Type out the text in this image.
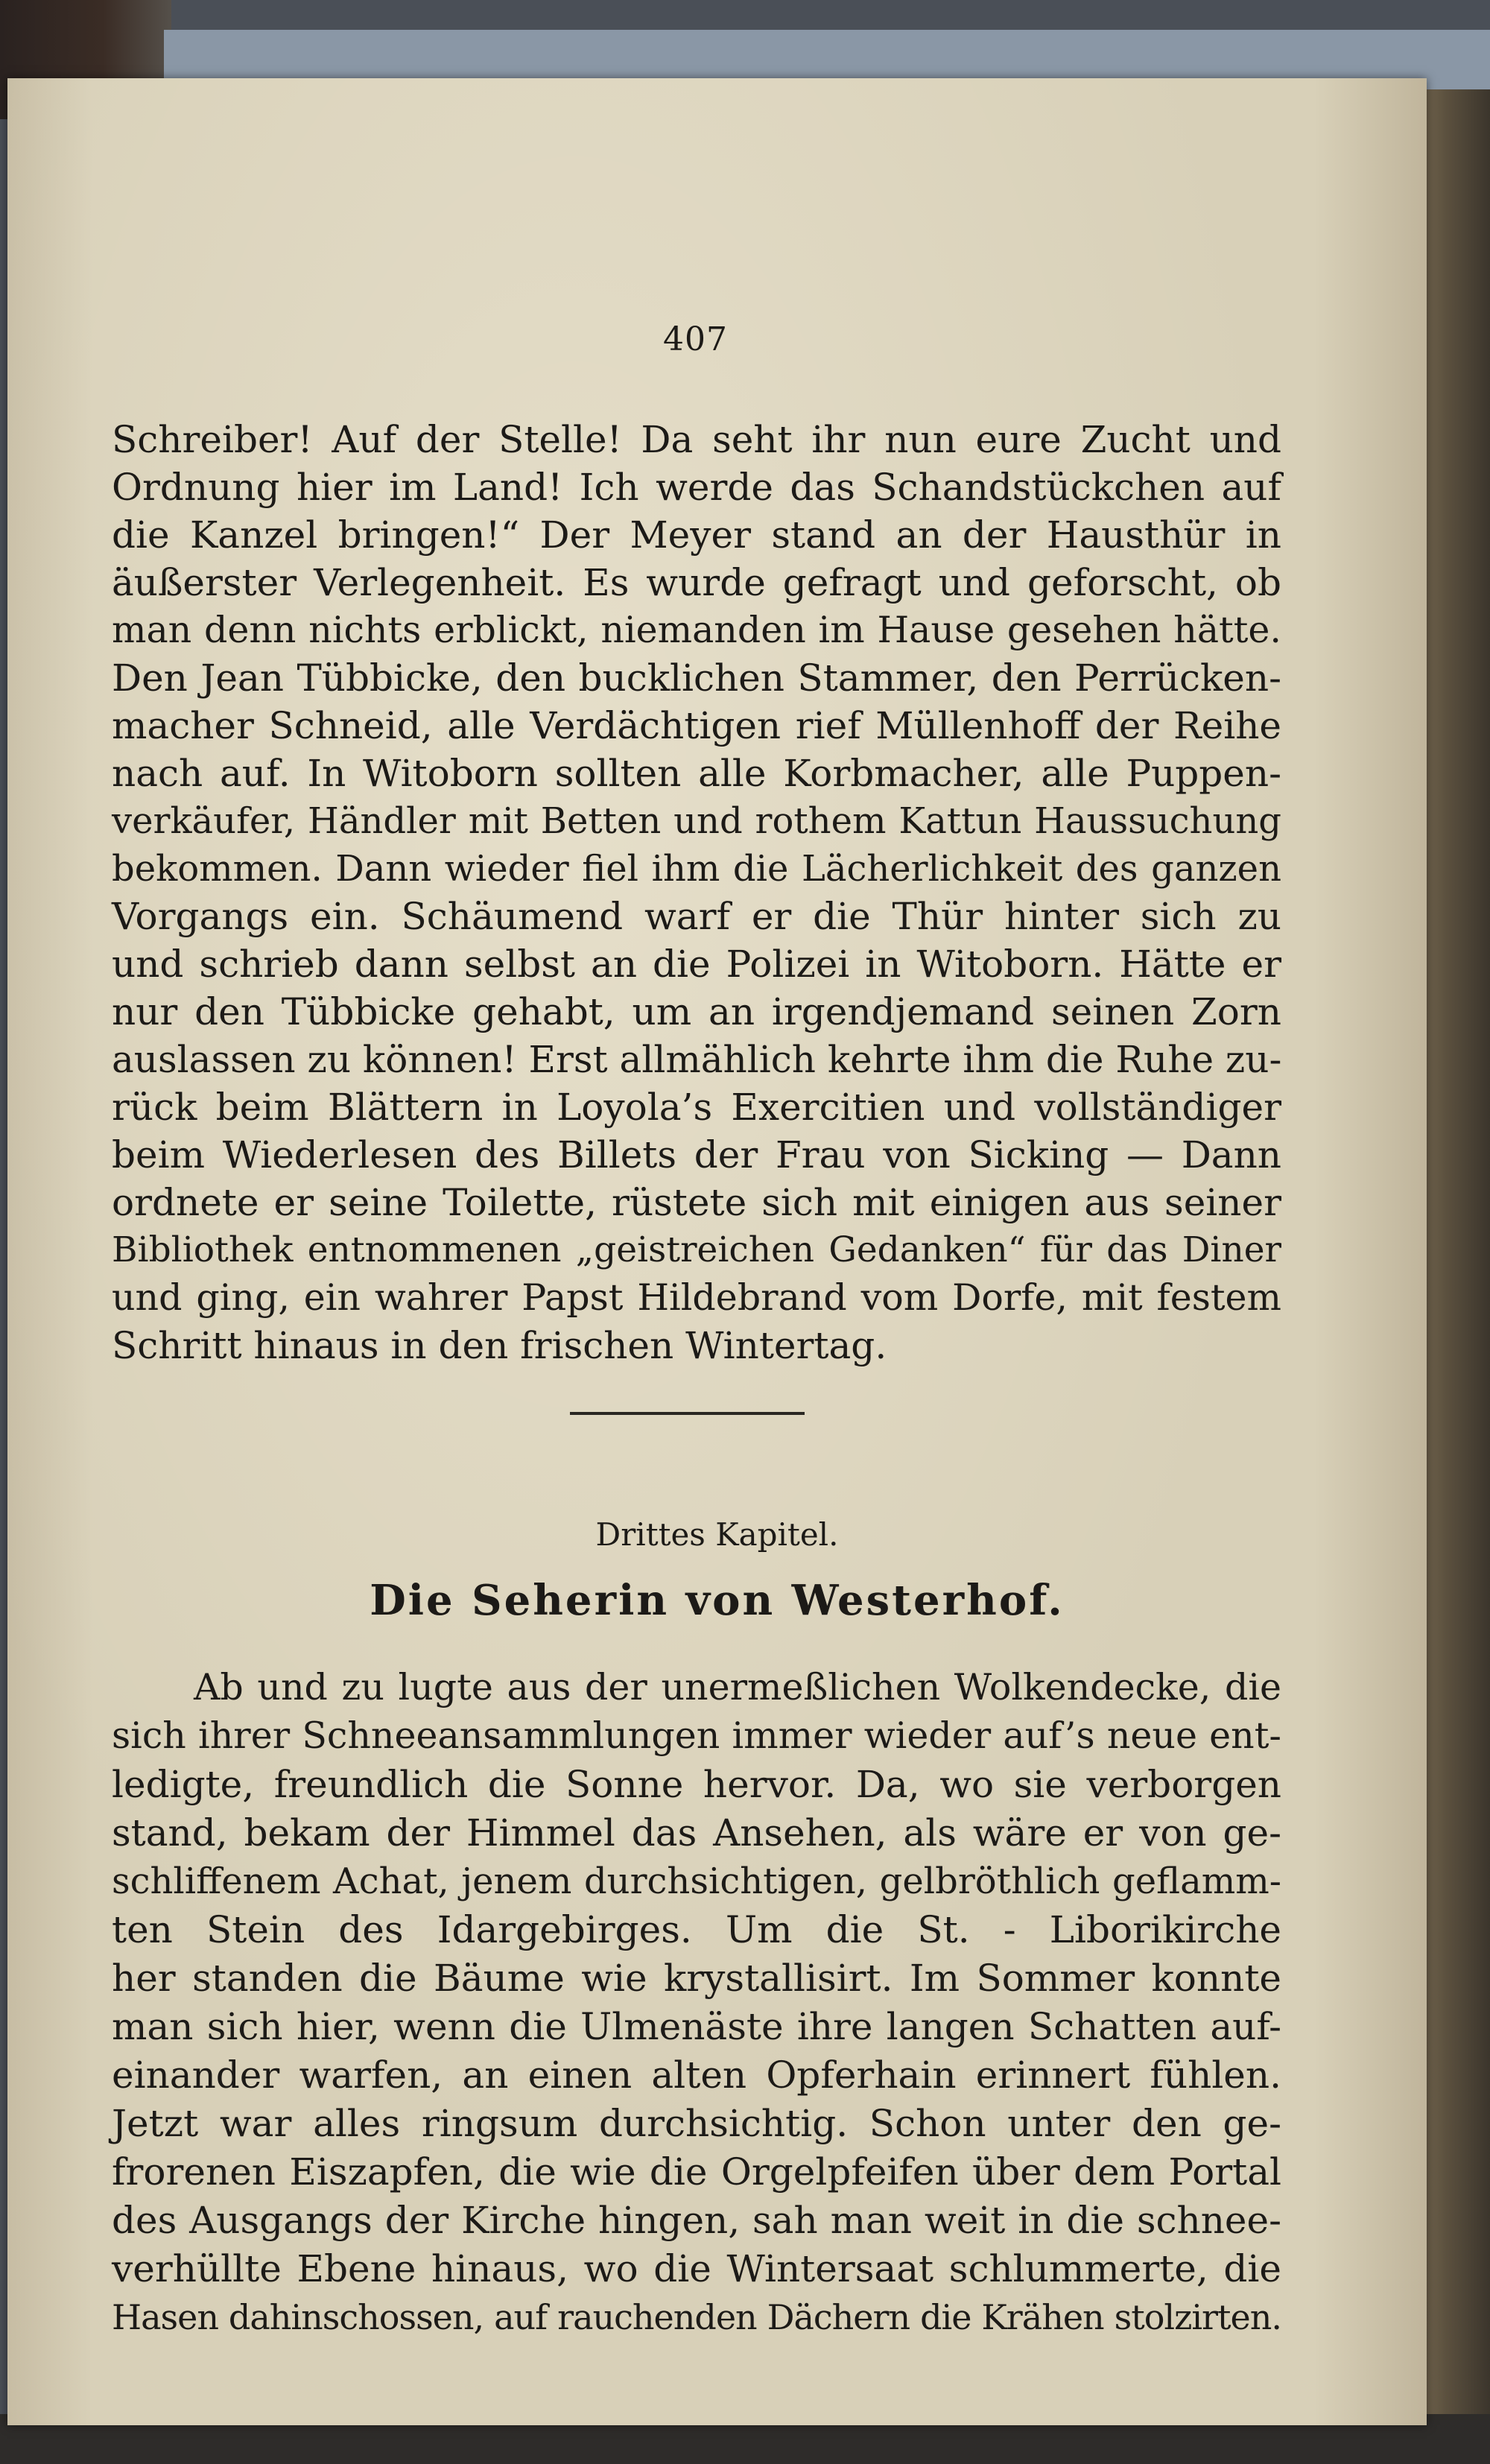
407
Schreiber! Auf der Stelle! Da seht ihr nun eure Zucht und
Ordnung hier im Land! Ich werde das Schandstückchen auf
die Kanzel bringen!“ Der Meyer stand an der Hausthür in
äußerster Verlegenheit. Es wurde gefragt und geforscht, ob
man denn nichts erblickt, niemanden im Hause gesehen hätte.
Den Jean Tübbicke, den bucklichen Stammer, den Perrücken-
macher Schneid, alle Verdächtigen rief Müllenhoff der Reihe
nach auf. In Witoborn sollten alle Korbmacher, alle Puppen-
verkäufer, Händler mit Betten und rothem Kattun Haussuchung
bekommen. Dann wieder fiel ihm die Lächerlichkeit des ganzen
Vorgangs ein. Schäumend warf er die Thür hinter sich zu
und schrieb dann selbst an die Polizei in Witoborn. Hätte er
nur den Tübbicke gehabt, um an irgendjemand seinen Zorn
auslassen zu können! Erst allmählich kehrte ihm die Ruhe zu-
rück beim Blättern in Loyola’s Exercitien und vollständiger
beim Wiederlesen des Billets der Frau von Sicking — Dann
ordnete er seine Toilette, rüstete sich mit einigen aus seiner
Bibliothek entnommenen „geistreichen Gedanken“ für das Diner
und ging, ein wahrer Papst Hildebrand vom Dorfe, mit festem
Schritt hinaus in den frischen Wintertag.
Drittes Kapitel.
Die Seherin von Westerhof.
Ab und zu lugte aus der unermeßlichen Wolkendecke, die
sich ihrer Schneeansammlungen immer wieder auf’s neue ent-
ledigte, freundlich die Sonne hervor. Da, wo sie verborgen
stand, bekam der Himmel das Ansehen, als wäre er von ge-
schliffenem Achat, jenem durchsichtigen, gelbröthlich geflamm-
ten Stein des Idargebirges. Um die St. - Liborikirche
her standen die Bäume wie krystallisirt. Im Sommer konnte
man sich hier, wenn die Ulmenäste ihre langen Schatten auf-
einander warfen, an einen alten Opferhain erinnert fühlen.
Jetzt war alles ringsum durchsichtig. Schon unter den ge-
frorenen Eiszapfen, die wie die Orgelpfeifen über dem Portal
des Ausgangs der Kirche hingen, sah man weit in die schnee-
verhüllte Ebene hinaus, wo die Wintersaat schlummerte, die
Hasen dahinschossen, auf rauchenden Dächern die Krähen stolzirten.
